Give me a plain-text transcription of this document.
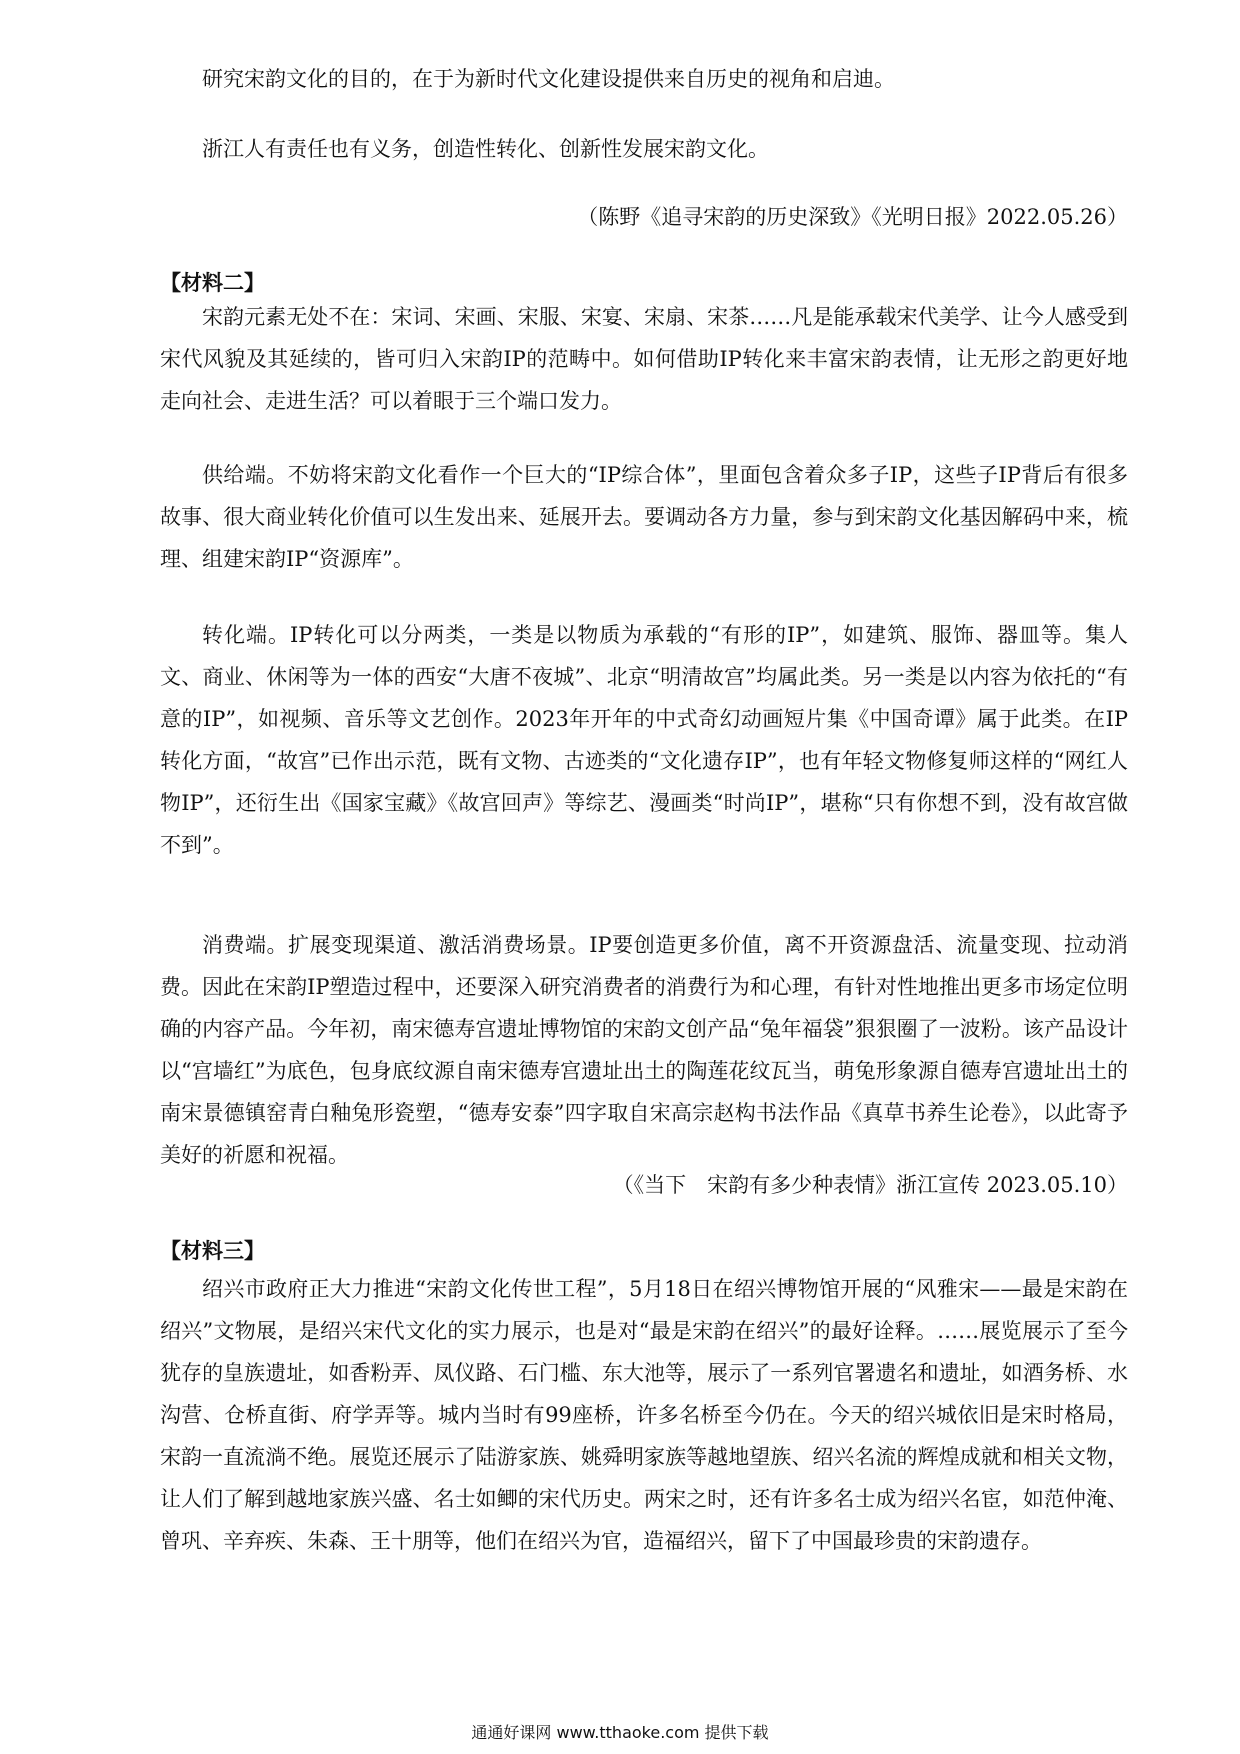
研究宋韵文化的目的，在于为新时代文化建设提供来自历史的视角和启迪。

浙江人有责任也有义务，创造性转化、创新性发展宋韵文化。

（陈野《追寻宋韵的历史深致》《光明日报》2022.05.26）

【材料二】

宋韵元素无处不在：宋词、宋画、宋服、宋宴、宋扇、宋茶……凡是能承载宋代美学、让今人感受到宋代风貌及其延续的，皆可归入宋韵IP的范畴中。如何借助IP转化来丰富宋韵表情，让无形之韵更好地走向社会、走进生活？可以着眼于三个端口发力。

供给端。不妨将宋韵文化看作一个巨大的“IP综合体”，里面包含着众多子IP，这些子IP背后有很多故事、很大商业转化价值可以生发出来、延展开去。要调动各方力量，参与到宋韵文化基因解码中来，梳理、组建宋韵IP“资源库”。

转化端。IP转化可以分两类，一类是以物质为承载的“有形的IP”，如建筑、服饰、器皿等。集人文、商业、休闲等为一体的西安“大唐不夜城”、北京“明清故宫”均属此类。另一类是以内容为依托的“有意的IP”，如视频、音乐等文艺创作。2023年开年的中式奇幻动画短片集《中国奇谭》属于此类。在IP转化方面，“故宫”已作出示范，既有文物、古迹类的“文化遗存IP”，也有年轻文物修复师这样的“网红人物IP”，还衍生出《国家宝藏》《故宫回声》等综艺、漫画类“时尚IP”，堪称“只有你想不到，没有故宫做不到”。

消费端。扩展变现渠道、激活消费场景。IP要创造更多价值，离不开资源盘活、流量变现、拉动消费。因此在宋韵IP塑造过程中，还要深入研究消费者的消费行为和心理，有针对性地推出更多市场定位明确的内容产品。今年初，南宋德寿宫遗址博物馆的宋韵文创产品“兔年福袋”狠狠圈了一波粉。该产品设计以“宫墙红”为底色，包身底纹源自南宋德寿宫遗址出土的陶莲花纹瓦当，萌兔形象源自德寿宫遗址出土的南宋景德镇窑青白釉兔形瓷塑，“德寿安泰”四字取自宋高宗赵构书法作品《真草书养生论卷》，以此寄予美好的祈愿和祝福。

（《当下　宋韵有多少种表情》浙江宣传 2023.05.10）

【材料三】

绍兴市政府正大力推进“宋韵文化传世工程”，5月18日在绍兴博物馆开展的“风雅宋——最是宋韵在绍兴”文物展，是绍兴宋代文化的实力展示，也是对“最是宋韵在绍兴”的最好诠释。……展览展示了至今犹存的皇族遗址，如香粉弄、凤仪路、石门槛、东大池等，展示了一系列官署遗名和遗址，如酒务桥、水沟营、仓桥直街、府学弄等。城内当时有99座桥，许多名桥至今仍在。今天的绍兴城依旧是宋时格局，宋韵一直流淌不绝。展览还展示了陆游家族、姚舜明家族等越地望族、绍兴名流的辉煌成就和相关文物，让人们了解到越地家族兴盛、名士如鲫的宋代历史。两宋之时，还有许多名士成为绍兴名宦，如范仲淹、曾巩、辛弃疾、朱森、王十朋等，他们在绍兴为官，造福绍兴，留下了中国最珍贵的宋韵遗存。

通通好课网 www.tthaoke.com 提供下载
